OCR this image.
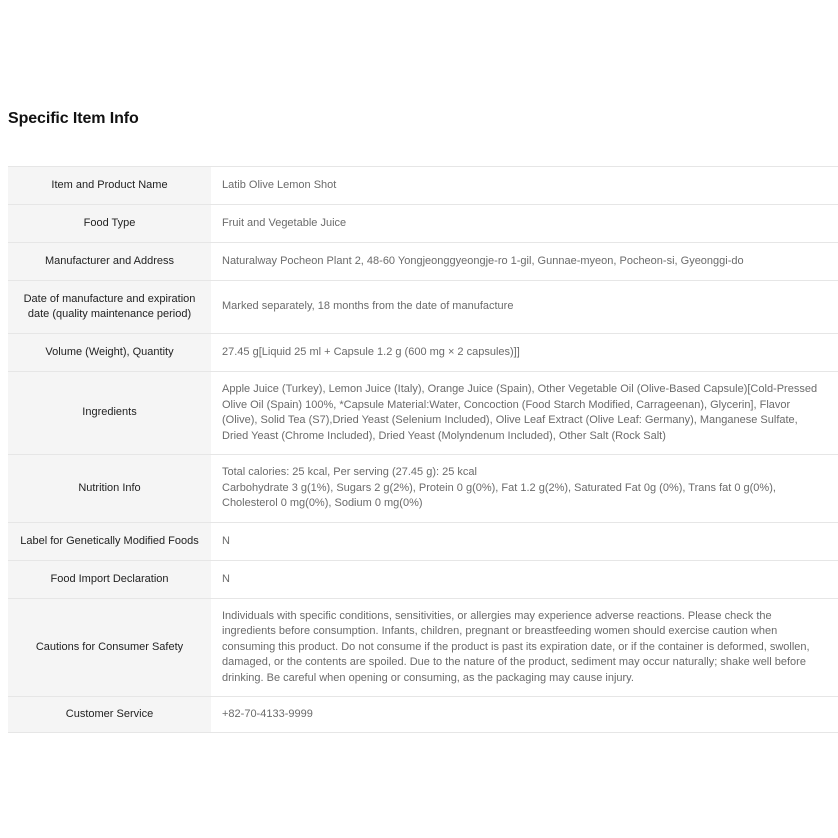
Specific Item Info
Item and Product Name	Latib Olive Lemon Shot
Food Type	Fruit and Vegetable Juice
Manufacturer and Address	Naturalway Pocheon Plant 2, 48-60 Yongjeonggyeongje-ro 1-gil, Gunnae-myeon, Pocheon-si, Gyeonggi-do
Date of manufacture and expiration date (quality maintenance period)	Marked separately, 18 months from the date of manufacture
Volume (Weight), Quantity	27.45 g[Liquid 25 ml + Capsule 1.2 g (600 mg × 2 capsules)]]
Ingredients	Apple Juice (Turkey), Lemon Juice (Italy), Orange Juice (Spain), Other Vegetable Oil (Olive-Based Capsule)[Cold-Pressed Olive Oil (Spain) 100%, *Capsule Material:Water, Concoction (Food Starch Modified, Carrageenan), Glycerin], Flavor (Olive), Solid Tea (S7),Dried Yeast (Selenium Included), Olive Leaf Extract (Olive Leaf: Germany), Manganese Sulfate, Dried Yeast (Chrome Included), Dried Yeast (Molyndenum Included), Other Salt (Rock Salt)
Nutrition Info	Total calories: 25 kcal, Per serving (27.45 g): 25 kcal
Carbohydrate 3 g(1%), Sugars 2 g(2%), Protein 0 g(0%), Fat 1.2 g(2%), Saturated Fat 0g (0%), Trans fat 0 g(0%), Cholesterol 0 mg(0%), Sodium 0 mg(0%)
Label for Genetically Modified Foods	N
Food Import Declaration	N
Cautions for Consumer Safety	Individuals with specific conditions, sensitivities, or allergies may experience adverse reactions. Please check the ingredients before consumption. Infants, children, pregnant or breastfeeding women should exercise caution when consuming this product. Do not consume if the product is past its expiration date, or if the container is deformed, swollen, damaged, or the contents are spoiled. Due to the nature of the product, sediment may occur naturally; shake well before drinking. Be careful when opening or consuming, as the packaging may cause injury.
Customer Service	+82-70-4133-9999
